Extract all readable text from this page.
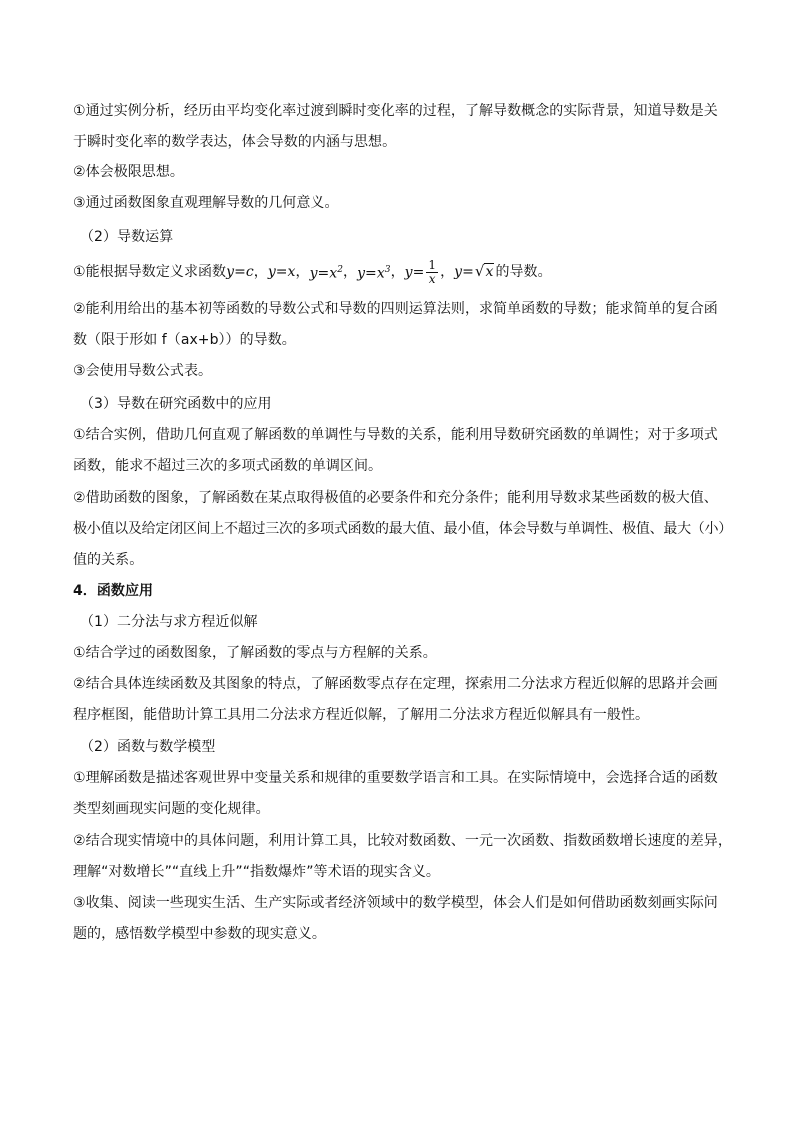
①通过实例分析，经历由平均变化率过渡到瞬时变化率的过程，了解导数概念的实际背景，知道导数是关
于瞬时变化率的数学表达，体会导数的内涵与思想。
②体会极限思想。
③通过函数图象直观理解导数的几何意义。
（2）导数运算
①能根据导数定义求函数 y=c ， y=x ， $y=x^2$ ， $y=x^3$ ， $y= \frac{1}{x}$ ， y= √ x 的导数。
②能利用给出的基本初等函数的导数公式和导数的四则运算法则，求简单函数的导数；能求简单的复合函
数（限于形如 f（ax+b））的导数。
③会使用导数公式表。
（3）导数在研究函数中的应用
①结合实例，借助几何直观了解函数的单调性与导数的关系，能利用导数研究函数的单调性；对于多项式
函数，能求不超过三次的多项式函数的单调区间。
②借助函数的图象，了解函数在某点取得极值的必要条件和充分条件；能利用导数求某些函数的极大值、
极小值以及给定闭区间上不超过三次的多项式函数的最大值、最小值，体会导数与单调性、极值、最大（小）
值的关系。
4．函数应用
（1）二分法与求方程近似解
①结合学过的函数图象，了解函数的零点与方程解的关系。
②结合具体连续函数及其图象的特点，了解函数零点存在定理，探索用二分法求方程近似解的思路并会画
程序框图，能借助计算工具用二分法求方程近似解，了解用二分法求方程近似解具有一般性。
（2）函数与数学模型
①理解函数是描述客观世界中变量关系和规律的重要数学语言和工具。在实际情境中，会选择合适的函数
类型刻画现实问题的变化规律。
②结合现实情境中的具体问题，利用计算工具，比较对数函数、一元一次函数、指数函数增长速度的差异，
理解“对数增长”“直线上升”“指数爆炸”等术语的现实含义。
③收集、阅读一些现实生活、生产实际或者经济领域中的数学模型，体会人们是如何借助函数刻画实际问
题的，感悟数学模型中参数的现实意义。
